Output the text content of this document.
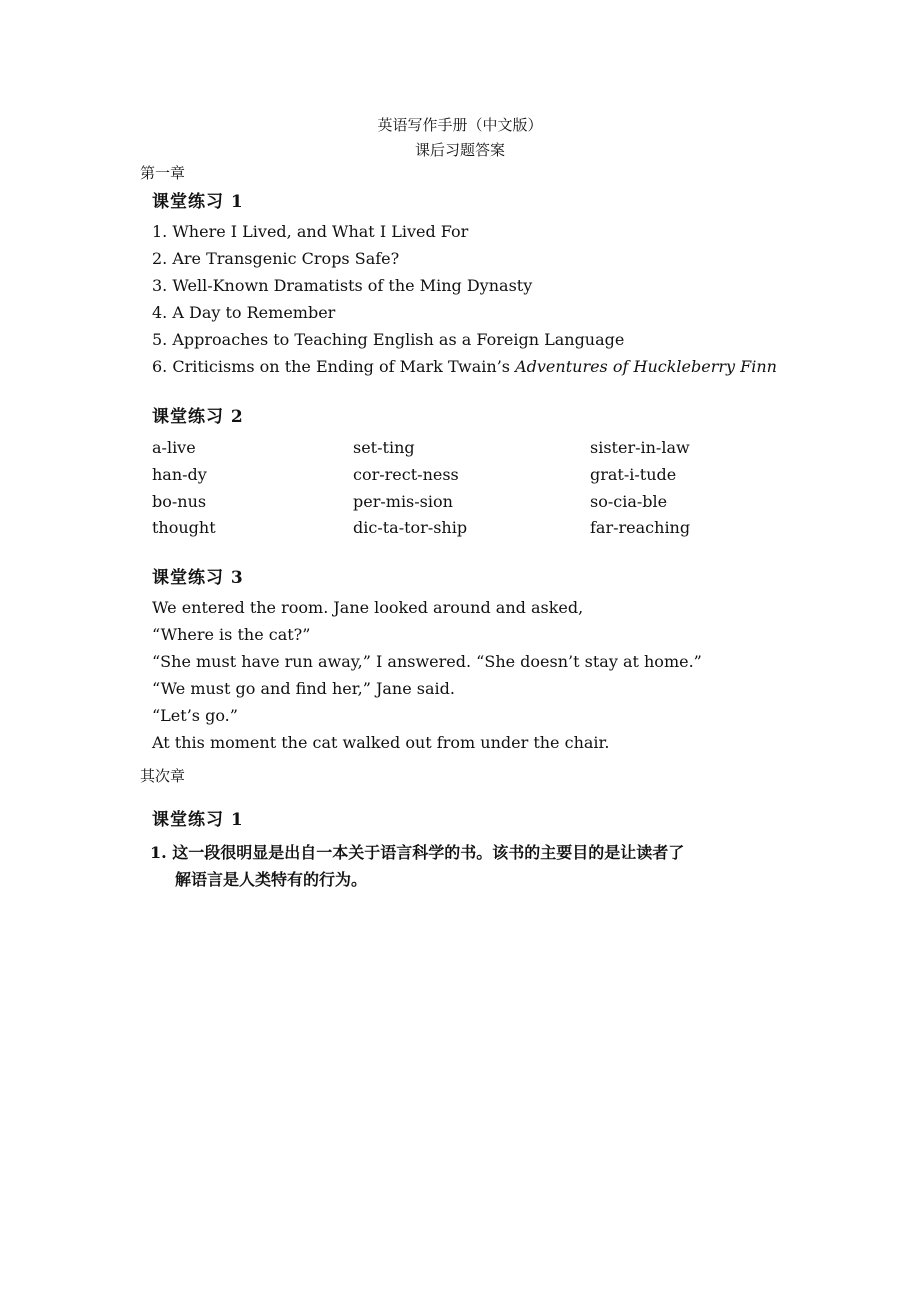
英语写作手册（中文版）
课后习题答案
第一章
课堂练习 1
1. Where I Lived, and What I Lived For
2. Are Transgenic Crops Safe?
3. Well-Known Dramatists of the Ming Dynasty
4. A Day to Remember
5. Approaches to Teaching English as a Foreign Language
6. Criticisms on the Ending of Mark Twain’s Adventures of Huckleberry Finn
课堂练习 2
a-live	set-ting	sister-in-law
han-dy	cor-rect-ness	grat-i-tude
bo-nus	per-mis-sion	so-cia-ble
thought	dic-ta-tor-ship	far-reaching
课堂练习 3
We entered the room. Jane looked around and asked,
“Where is the cat?”
“She must have run away,” I answered. “She doesn’t stay at home.”
“We must go and find her,” Jane said.
“Let’s go.”
At this moment the cat walked out from under the chair.
其次章
课堂练习 1
1. 这一段很明显是出自一本关于语言科学的书。该书的主要目的是让读者了
解语言是人类特有的行为。
